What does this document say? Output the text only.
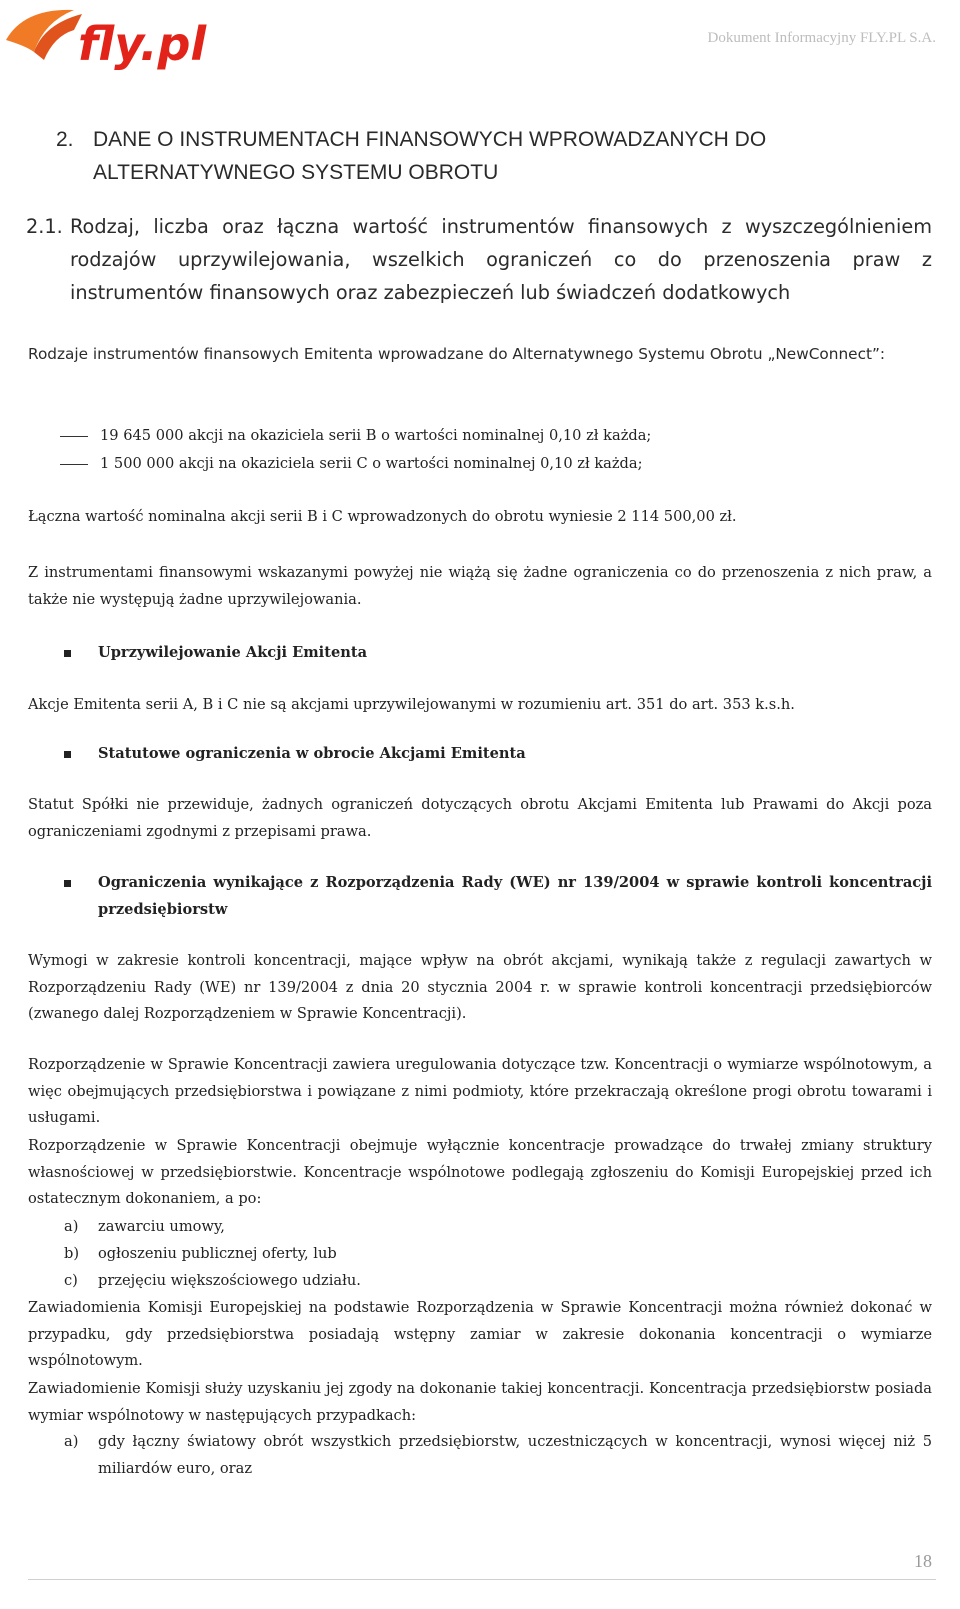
fly.pl	Dokument Informacyjny FLY.PL S.A.
2. DANE O INSTRUMENTACH FINANSOWYCH WPROWADZANYCH DO ALTERNATYWNEGO SYSTEMU OBROTU
2.1. Rodzaj, liczba oraz łączna wartość instrumentów finansowych z wyszczególnieniem rodzajów uprzywilejowania, wszelkich ograniczeń co do przenoszenia praw z instrumentów finansowych oraz zabezpieczeń lub świadczeń dodatkowych

Rodzaje instrumentów finansowych Emitenta wprowadzane do Alternatywnego Systemu Obrotu „NewConnect”:

19 645 000 akcji na okaziciela serii B o wartości nominalnej 0,10 zł każda;
1 500 000 akcji na okaziciela serii C o wartości nominalnej 0,10 zł każda;

Łączna wartość nominalna akcji serii B i C wprowadzonych do obrotu wyniesie 2 114 500,00 zł.

Z instrumentami finansowymi wskazanymi powyżej nie wiążą się żadne ograniczenia co do przenoszenia z nich praw, a także nie występują żadne uprzywilejowania.

Uprzywilejowanie Akcji Emitenta

Akcje Emitenta serii A, B i C nie są akcjami uprzywilejowanymi w rozumieniu art. 351 do art. 353 k.s.h.

Statutowe ograniczenia w obrocie Akcjami Emitenta

Statut Spółki nie przewiduje, żadnych ograniczeń dotyczących obrotu Akcjami Emitenta lub Prawami do Akcji poza ograniczeniami zgodnymi z przepisami prawa.

Ograniczenia wynikające z Rozporządzenia Rady (WE) nr 139/2004 w sprawie kontroli koncentracji przedsiębiorstw

Wymogi w zakresie kontroli koncentracji, mające wpływ na obrót akcjami, wynikają także z regulacji zawartych w Rozporządzeniu Rady (WE) nr 139/2004 z dnia 20 stycznia 2004 r. w sprawie kontroli koncentracji przedsiębiorców (zwanego dalej Rozporządzeniem w Sprawie Koncentracji).

Rozporządzenie w Sprawie Koncentracji zawiera uregulowania dotyczące tzw. Koncentracji o wymiarze wspólnotowym, a więc obejmujących przedsiębiorstwa i powiązane z nimi podmioty, które przekraczają określone progi obrotu towarami i usługami.

Rozporządzenie w Sprawie Koncentracji obejmuje wyłącznie koncentracje prowadzące do trwałej zmiany struktury własnościowej w przedsiębiorstwie. Koncentracje wspólnotowe podlegają zgłoszeniu do Komisji Europejskiej przed ich ostatecznym dokonaniem, a po:

a)	zawarciu umowy,
b)	ogłoszeniu publicznej oferty, lub
c)	przejęciu większościowego udziału.

Zawiadomienia Komisji Europejskiej na podstawie Rozporządzenia w Sprawie Koncentracji można również dokonać w przypadku, gdy przedsiębiorstwa posiadają wstępny zamiar w zakresie dokonania koncentracji o wymiarze wspólnotowym.

Zawiadomienie Komisji służy uzyskaniu jej zgody na dokonanie takiej koncentracji. Koncentracja przedsiębiorstw posiada wymiar wspólnotowy w następujących przypadkach:

a)	gdy łączny światowy obrót wszystkich przedsiębiorstw, uczestniczących w koncentracji, wynosi więcej niż 5 miliardów euro, oraz
18
